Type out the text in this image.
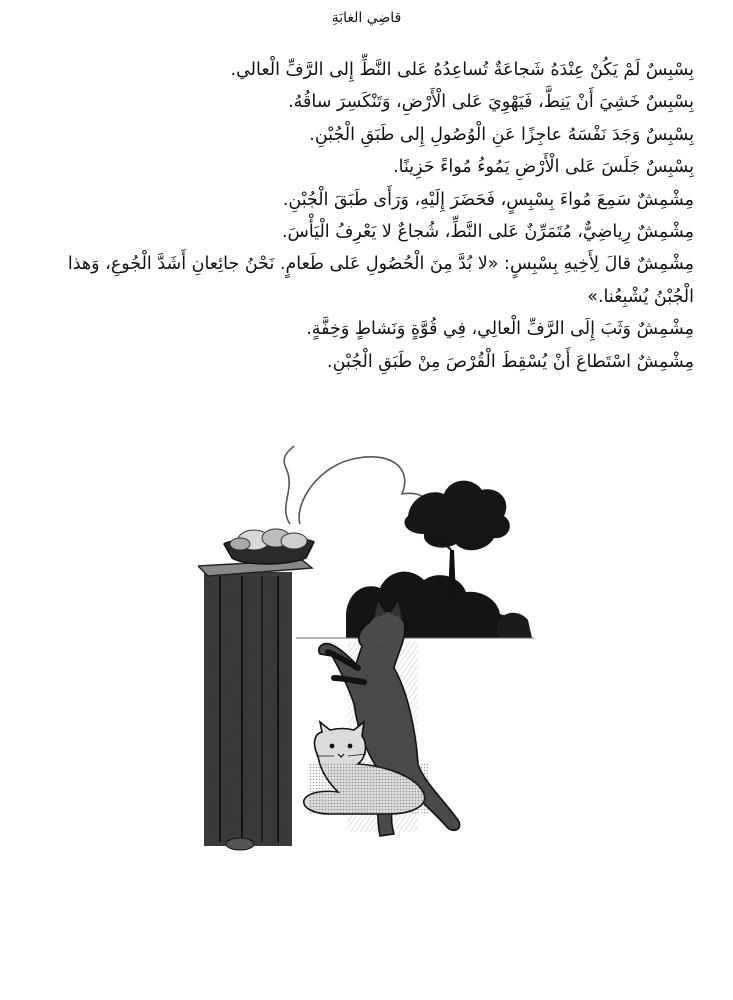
قاضِي الغابَةِ

بِسْبِسٌ لَمْ يَكُنْ عِنْدَهُ شَجاعَةٌ تُساعِدُهُ عَلى النَّطِّ إِلى الرَّفِّ الْعالي.

بِسْبِسٌ خَشِيَ أَنْ يَنِطَّ، فَيَهْوِيَ عَلى الْأَرْضِ، وَتَنْكَسِرَ ساقُهُ.

بِسْبِسٌ وَجَدَ نَفْسَهُ عاجِزًا عَنِ الْوُصُولِ إِلى طَبَقِ الْجُبْنِ.

بِسْبِسٌ جَلَسَ عَلى الْأَرْضِ يَمُوءُ مُواءً حَزِينًا.

مِشْمِشٌ سَمِعَ مُواءَ بِسْبِسٍ، فَحَضَرَ إِلَيْهِ، وَرَأَى طَبَقَ الْجُبْنِ.

مِشْمِشٌ رِياضِيٌّ، مُتَمَرِّنٌ عَلى النَّطِّ، شُجاعٌ لا يَعْرِفُ الْيَأْسَ.

مِشْمِشٌ قالَ لِأَخِيهِ بِسْبِسٍ: «لا بُدَّ مِنَ الْحُصُولِ عَلى طَعامٍ. نَحْنُ جائِعانِ أَشَدَّ الْجُوعِ، وَهذا الْجُبْنُ يُشْبِعُنا.»

مِشْمِشٌ وَثَبَ إِلَى الرَّفِّ الْعالِي، فِي قُوَّةٍ وَنَشاطٍ وَخِفَّةٍ.

مِشْمِشٌ اسْتَطاعَ أَنْ يُسْقِطَ الْقُرْصَ مِنْ طَبَقِ الْجُبْنِ.
